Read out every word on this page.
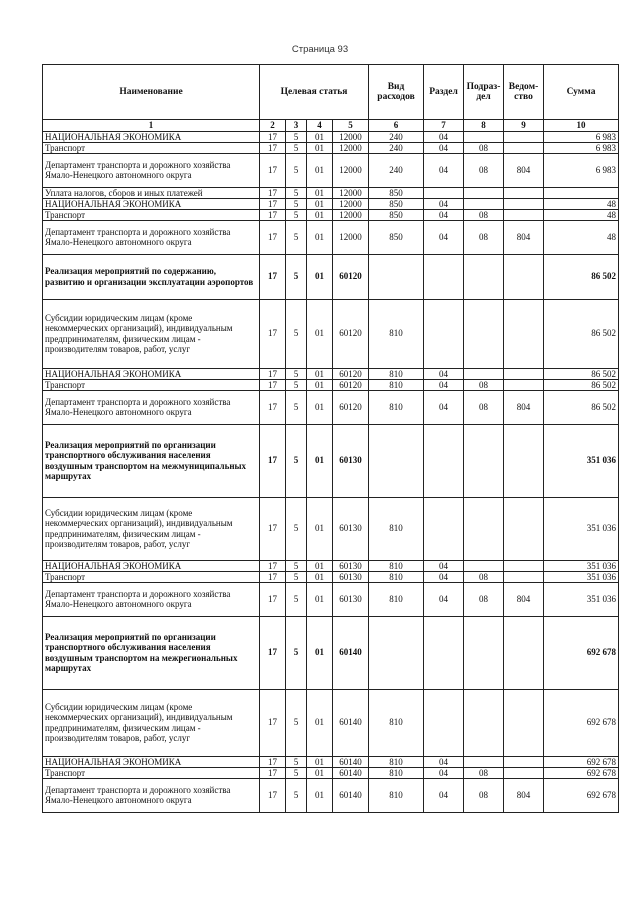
Страница 93
Наименование	Целевая статья				Вид расходов	Раздел	Подраз-дел	Ведом-ство	Сумма
1	2	3	4	5	6	7	8	9	10
НАЦИОНАЛЬНАЯ ЭКОНОМИКА	17	5	01	12000	240	04			6 983
Транспорт	17	5	01	12000	240	04	08		6 983
Департамент транспорта и дорожного хозяйства Ямало-Ненецкого автономного округа	17	5	01	12000	240	04	08	804	6 983
Уплата налогов, сборов и иных платежей	17	5	01	12000	850				
НАЦИОНАЛЬНАЯ ЭКОНОМИКА	17	5	01	12000	850	04			48
Транспорт	17	5	01	12000	850	04	08		48
Департамент транспорта и дорожного хозяйства Ямало-Ненецкого автономного округа	17	5	01	12000	850	04	08	804	48
Реализация мероприятий по содержанию, развитию и организации эксплуатации аэропортов	17	5	01	60120					86 502
Субсидии юридическим лицам (кроме некоммерческих организаций), индивидуальным предпринимателям, физическим лицам - производителям товаров, работ, услуг	17	5	01	60120	810				86 502
НАЦИОНАЛЬНАЯ ЭКОНОМИКА	17	5	01	60120	810	04			86 502
Транспорт	17	5	01	60120	810	04	08		86 502
Департамент транспорта и дорожного хозяйства Ямало-Ненецкого автономного округа	17	5	01	60120	810	04	08	804	86 502
Реализация мероприятий по организации транспортного обслуживания населения воздушным транспортом на межмуниципальных маршрутах	17	5	01	60130					351 036
Субсидии юридическим лицам (кроме некоммерческих организаций), индивидуальным предпринимателям, физическим лицам - производителям товаров, работ, услуг	17	5	01	60130	810				351 036
НАЦИОНАЛЬНАЯ ЭКОНОМИКА	17	5	01	60130	810	04			351 036
Транспорт	17	5	01	60130	810	04	08		351 036
Департамент транспорта и дорожного хозяйства Ямало-Ненецкого автономного округа	17	5	01	60130	810	04	08	804	351 036
Реализация мероприятий по организации транспортного обслуживания населения воздушным транспортом на межрегиональных маршрутах	17	5	01	60140					692 678
Субсидии юридическим лицам (кроме некоммерческих организаций), индивидуальным предпринимателям, физическим лицам - производителям товаров, работ, услуг	17	5	01	60140	810				692 678
НАЦИОНАЛЬНАЯ ЭКОНОМИКА	17	5	01	60140	810	04			692 678
Транспорт	17	5	01	60140	810	04	08		692 678
Департамент транспорта и дорожного хозяйства Ямало-Ненецкого автономного округа	17	5	01	60140	810	04	08	804	692 678
